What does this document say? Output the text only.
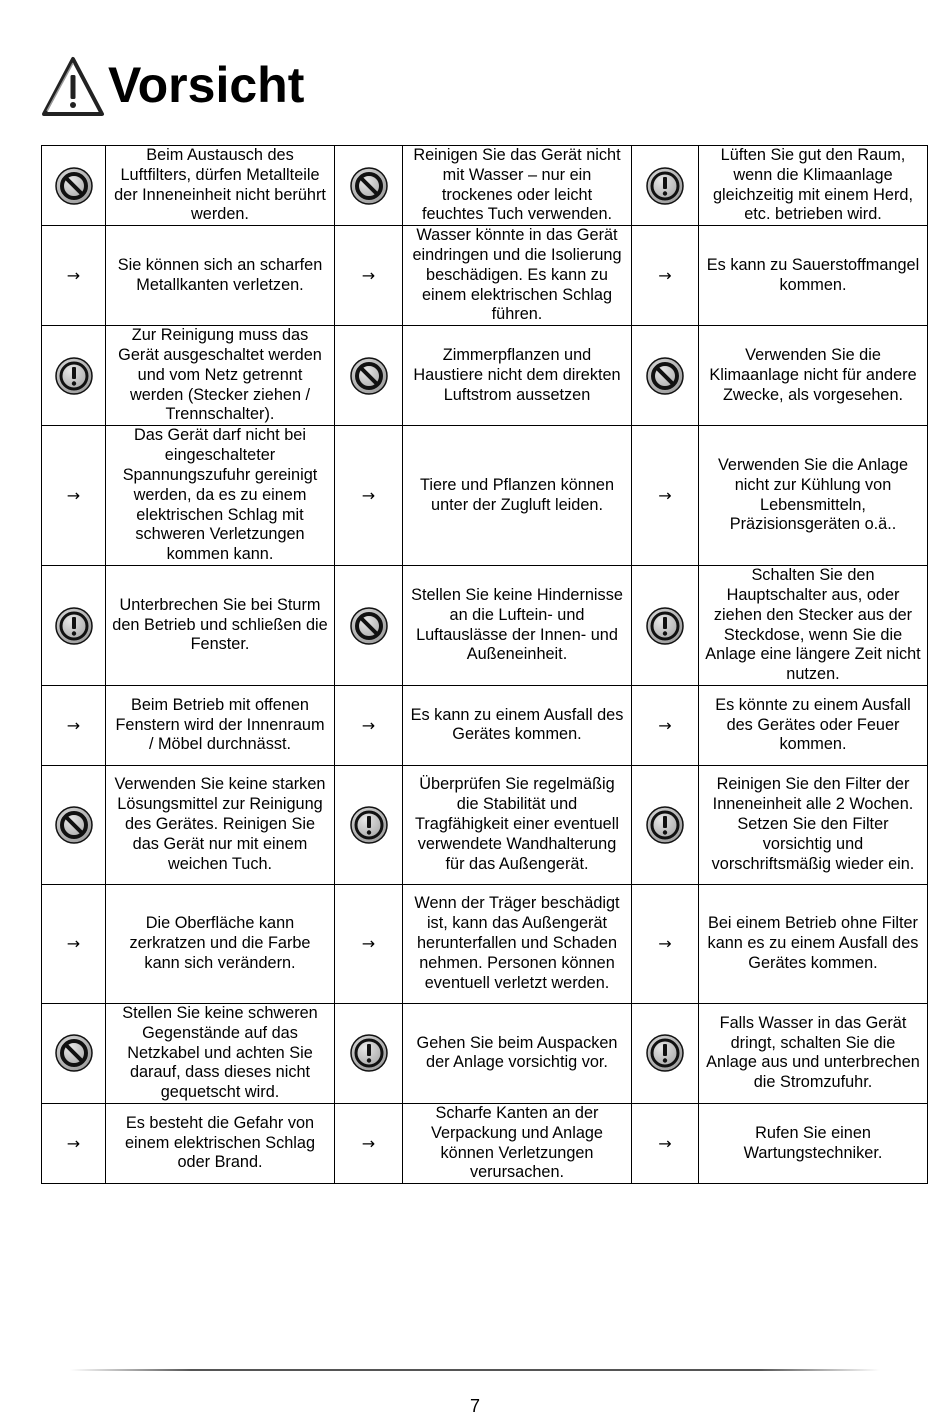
Vorsicht
	Beim Austausch des Luftfilters, dürfen Metallteile der Inneneinheit nicht berührt werden.		Reinigen Sie das Gerät nicht mit Wasser – nur ein trockenes oder leicht feuchtes Tuch verwenden.		Lüften Sie gut den Raum, wenn die Klimaanlage gleichzeitig mit einem Herd, etc. betrieben wird.

→	Sie können sich an scharfen Metallkanten verletzen.	→	Wasser könnte in das Gerät eindringen und die Isolierung beschädigen. Es kann zu einem elektrischen Schlag führen.	→	Es kann zu Sauerstoffmangel kommen.

	Zur Reinigung muss das Gerät ausgeschaltet werden und vom Netz getrennt werden (Stecker ziehen / Trennschalter).		Zimmerpflanzen und Haustiere nicht dem direkten Luftstrom aussetzen		Verwenden Sie die Klimaanlage nicht für andere Zwecke, als vorgesehen.

→	Das Gerät darf nicht bei eingeschalteter Spannungszufuhr gereinigt werden, da es zu einem elektrischen Schlag mit schweren Verletzungen kommen kann.	→	Tiere und Pflanzen können unter der Zugluft leiden.	→	Verwenden Sie die Anlage nicht zur Kühlung von Lebensmitteln, Präzisionsgeräten o.ä..

	Unterbrechen Sie bei Sturm den Betrieb und schließen die Fenster.		Stellen Sie keine Hindernisse an die Luftein- und Luftauslässe der Innen- und Außeneinheit.		Schalten Sie den Hauptschalter aus, oder ziehen den Stecker aus der Steckdose, wenn Sie die Anlage eine längere Zeit nicht nutzen.

→	Beim Betrieb mit offenen Fenstern wird der Innenraum / Möbel durchnässt.	→	Es kann zu einem Ausfall des Gerätes kommen.	→	Es könnte zu einem Ausfall des Gerätes oder Feuer kommen.

	Verwenden Sie keine starken Lösungsmittel zur Reinigung des Gerätes. Reinigen Sie das Gerät nur mit einem weichen Tuch.		Überprüfen Sie regelmäßig die Stabilität und Tragfähigkeit einer eventuell verwendete Wandhalterung für das Außengerät.		Reinigen Sie den Filter der Inneneinheit alle 2 Wochen. Setzen Sie den Filter vorsichtig und vorschriftsmäßig wieder ein.

→	Die Oberfläche kann zerkratzen und die Farbe kann sich verändern.	→	Wenn der Träger beschädigt ist, kann das Außengerät herunterfallen und Schaden nehmen. Personen können eventuell verletzt werden.	→	Bei einem Betrieb ohne Filter kann es zu einem Ausfall des Gerätes kommen.

	Stellen Sie keine schweren Gegenstände auf das Netzkabel und achten Sie darauf, dass dieses nicht gequetscht wird.		Gehen Sie beim Auspacken der Anlage vorsichtig vor.		Falls Wasser in das Gerät dringt, schalten Sie die Anlage aus und unterbrechen die Stromzufuhr.

→	Es besteht die Gefahr von einem elektrischen Schlag oder Brand.	→	Scharfe Kanten an der Verpackung und Anlage können Verletzungen verursachen.	→	Rufen Sie einen Wartungstechniker.
7
